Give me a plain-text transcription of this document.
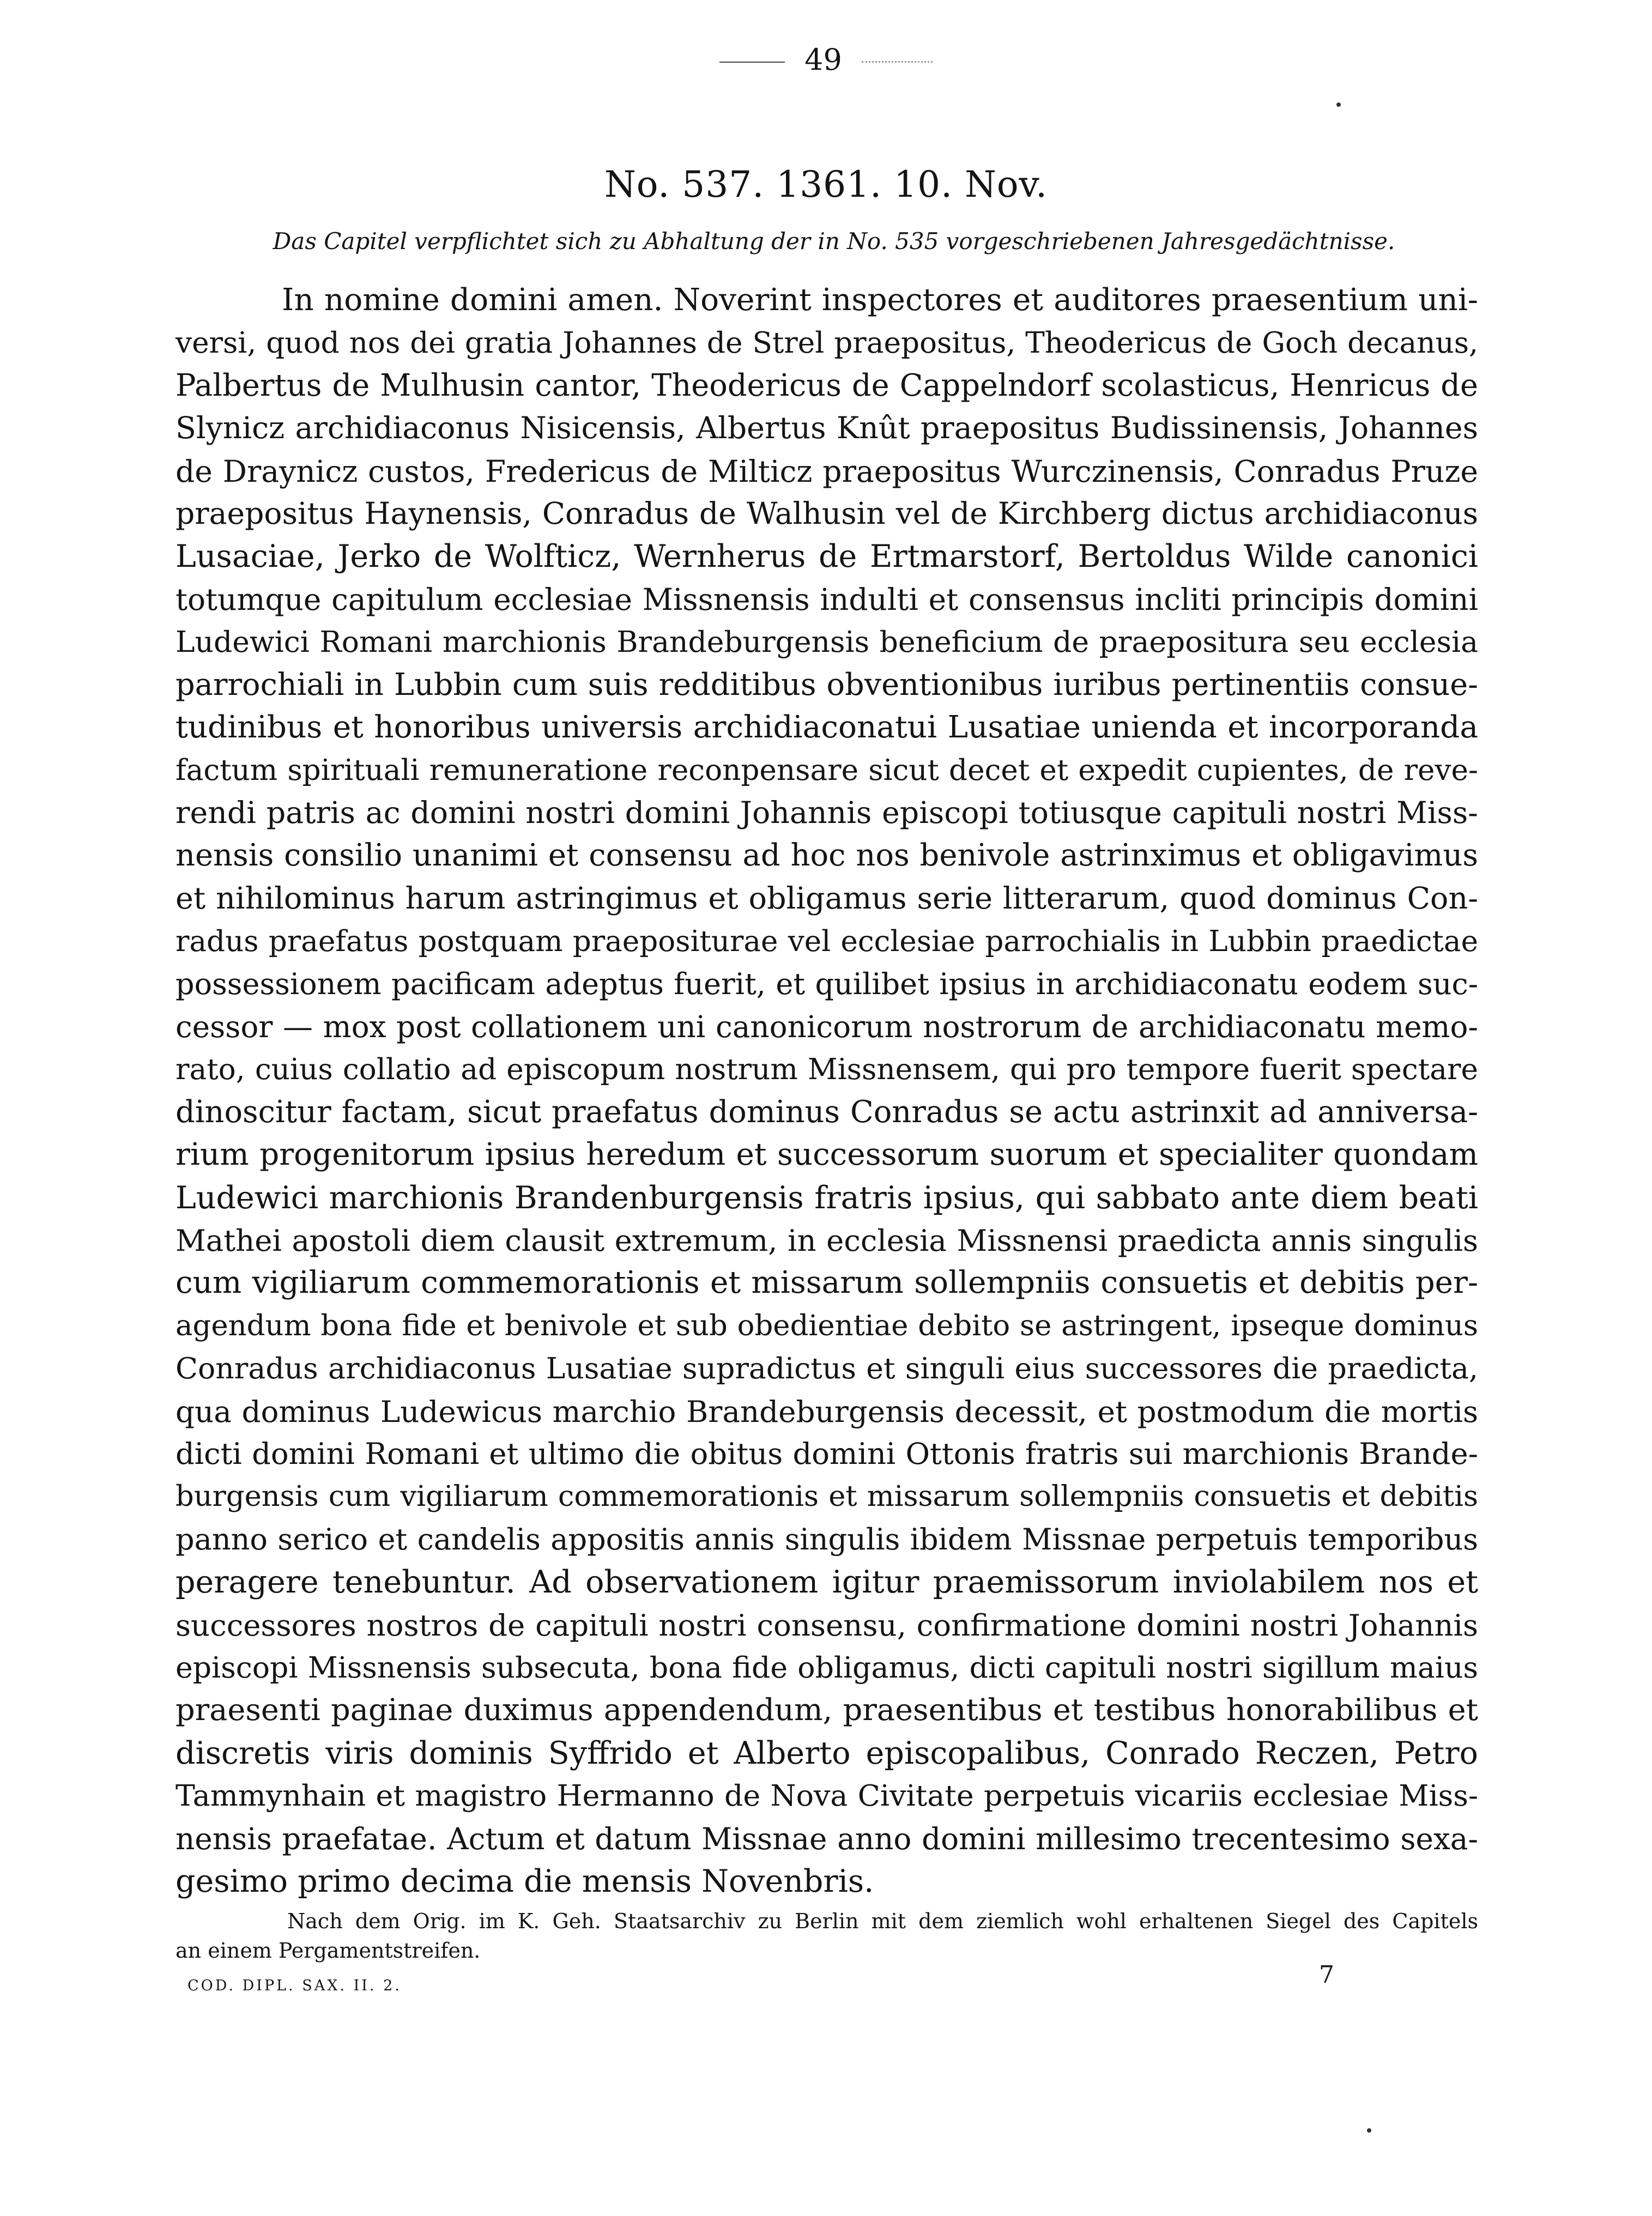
49
No. 537. 1361. 10. Nov.
Das Capitel verpflichtet sich zu Abhaltung der in No. 535 vorgeschriebenen Jahresgedächtnisse.
In nomine domini amen. Noverint inspectores et auditores praesentium uni-
versi, quod nos dei gratia Johannes de Strel praepositus, Theodericus de Goch decanus,
Palbertus de Mulhusin cantor, Theodericus de Cappelndorf scolasticus, Henricus de
Slynicz archidiaconus Nisicensis, Albertus Knût praepositus Budissinensis, Johannes
de Draynicz custos, Fredericus de Milticz praepositus Wurczinensis, Conradus Pruze
praepositus Haynensis, Conradus de Walhusin vel de Kirchberg dictus archidiaconus
Lusaciae, Jerko de Wolfticz, Wernherus de Ertmarstorf, Bertoldus Wilde canonici
totumque capitulum ecclesiae Missnensis indulti et consensus incliti principis domini
Ludewici Romani marchionis Brandeburgensis beneficium de praepositura seu ecclesia
parrochiali in Lubbin cum suis redditibus obventionibus iuribus pertinentiis consue-
tudinibus et honoribus universis archidiaconatui Lusatiae unienda et incorporanda
factum spirituali remuneratione reconpensare sicut decet et expedit cupientes, de reve-
rendi patris ac domini nostri domini Johannis episcopi totiusque capituli nostri Miss-
nensis consilio unanimi et consensu ad hoc nos benivole astrinximus et obligavimus
et nihilominus harum astringimus et obligamus serie litterarum, quod dominus Con-
radus praefatus postquam praepositurae vel ecclesiae parrochialis in Lubbin praedictae
possessionem pacificam adeptus fuerit, et quilibet ipsius in archidiaconatu eodem suc-
cessor — mox post collationem uni canonicorum nostrorum de archidiaconatu memo-
rato, cuius collatio ad episcopum nostrum Missnensem, qui pro tempore fuerit spectare
dinoscitur factam, sicut praefatus dominus Conradus se actu astrinxit ad anniversa-
rium progenitorum ipsius heredum et successorum suorum et specialiter quondam
Ludewici marchionis Brandenburgensis fratris ipsius, qui sabbato ante diem beati
Mathei apostoli diem clausit extremum, in ecclesia Missnensi praedicta annis singulis
cum vigiliarum commemorationis et missarum sollempniis consuetis et debitis per-
agendum bona fide et benivole et sub obedientiae debito se astringent, ipseque dominus
Conradus archidiaconus Lusatiae supradictus et singuli eius successores die praedicta,
qua dominus Ludewicus marchio Brandeburgensis decessit, et postmodum die mortis
dicti domini Romani et ultimo die obitus domini Ottonis fratris sui marchionis Brande-
burgensis cum vigiliarum commemorationis et missarum sollempniis consuetis et debitis
panno serico et candelis appositis annis singulis ibidem Missnae perpetuis temporibus
peragere tenebuntur. Ad observationem igitur praemissorum inviolabilem nos et
successores nostros de capituli nostri consensu, confirmatione domini nostri Johannis
episcopi Missnensis subsecuta, bona fide obligamus, dicti capituli nostri sigillum maius
praesenti paginae duximus appendendum, praesentibus et testibus honorabilibus et
discretis viris dominis Syffrido et Alberto episcopalibus, Conrado Reczen, Petro
Tammynhain et magistro Hermanno de Nova Civitate perpetuis vicariis ecclesiae Miss-
nensis praefatae. Actum et datum Missnae anno domini millesimo trecentesimo sexa-
gesimo primo decima die mensis Novenbris.
Nach dem Orig. im K. Geh. Staatsarchiv zu Berlin mit dem ziemlich wohl erhaltenen Siegel des Capitels
an einem Pergamentstreifen.
COD. DIPL. SAX. II. 2.	7
